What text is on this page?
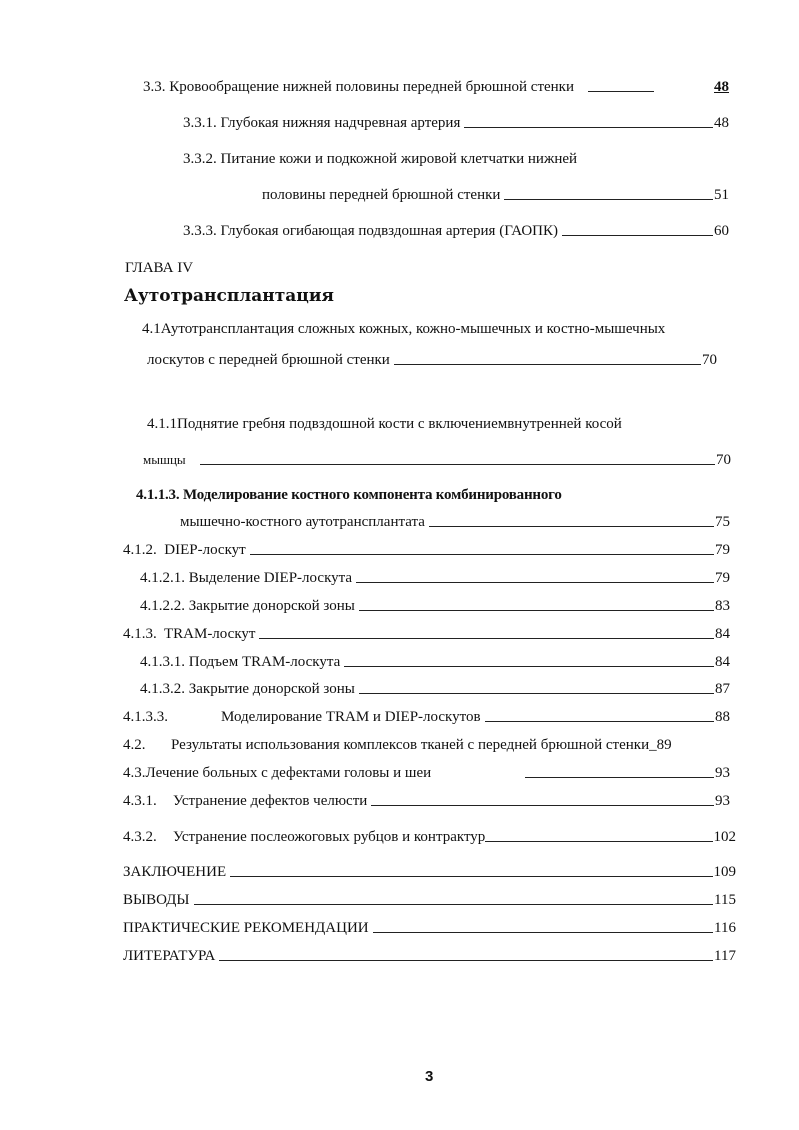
3.3. Кровообращение нижней половины передней брюшной стенки	48
3.3.1. Глубокая нижняя надчревная артерия	48
3.3.2. Питание кожи и подкожной жировой клетчатки нижней
половины передней брюшной стенки	51
3.3.3. Глубокая огибающая подвздошная артерия (ГАОПК)	60
ГЛАВА IV
Аутотрансплантация
4.1Аутотрансплантация сложных кожных, кожно-мышечных и костно-мышечных
лоскутов с передней брюшной стенки	70
4.1.1Поднятие гребня подвздошной кости с включениемвнутренней косой
мышцы	70
4.1.1.3. Моделирование костного компонента комбинированного
мышечно-костного аутотрансплантата	75
4.1.2.  DIEP-лоскут	79
4.1.2.1. Выделение DIEP-лоскута	79
4.1.2.2. Закрытие донорской зоны	83
4.1.3.  TRAM-лоскут	84
4.1.3.1. Подъем TRAM-лоскута	84
4.1.3.2. Закрытие донорской зоны	87
4.1.3.3.	Моделирование TRAM и DIEP-лоскутов	88
4.2.	Результаты использования комплексов тканей с передней брюшной стенки_ 89
4.3.Лечение больных с дефектами головы и шеи	93
4.3.1.	Устранение дефектов челюсти	93
4.3.2.	Устранение послеожоговых рубцов и контрактур	102
ЗАКЛЮЧЕНИЕ	109
ВЫВОДЫ	115
ПРАКТИЧЕСКИЕ РЕКОМЕНДАЦИИ	116
ЛИТЕРАТУРА	117
3
